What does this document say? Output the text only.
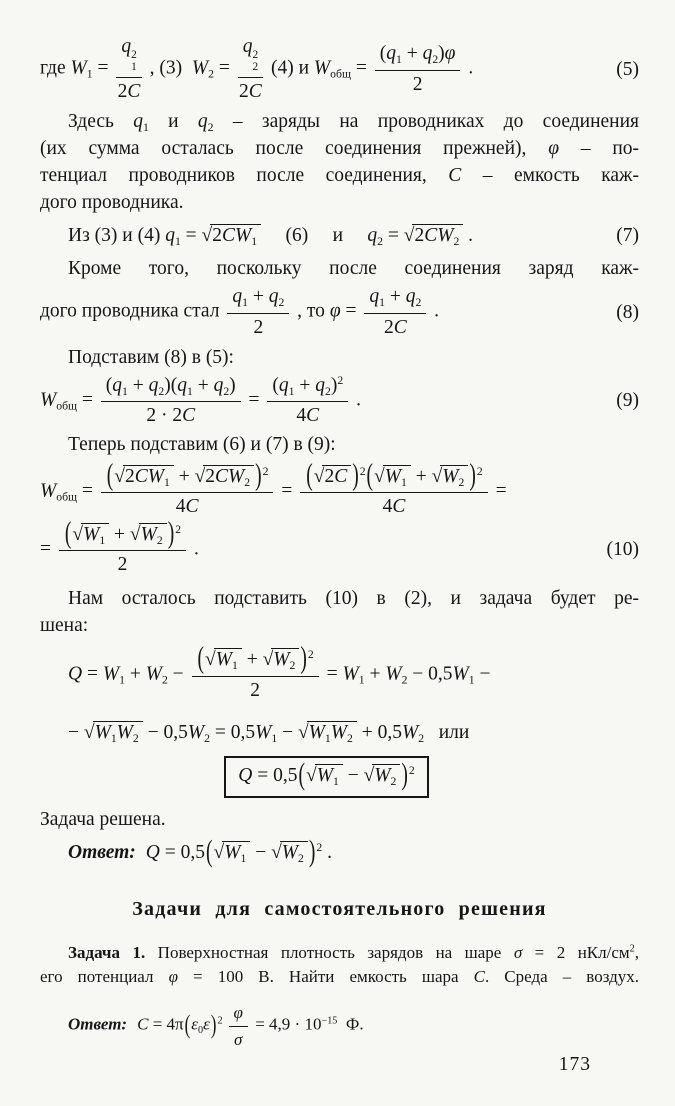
где $W_1 = q$ 2
1
2C , (3)  $W_2 = q$ 2
2
2C (4) и $W_{общ} = \frac{(q_1 + q_2)\varphi}{2}$ .	(5)
Здесь $q_1$ и $q_2$ – заряды на проводниках до соединения
(их сумма осталась после соединения прежней), φ – по-
тенциал проводников после соединения, C – емкость каж-
дого проводника.
Из (3) и (4) $q_1 = √2CW_1$     (6)     и     $q_2 = √2CW_2$ .	(7)
Кроме того, поскольку после соединения заряд каж-
дого проводника стал $\frac{q_1 + q_2}{2}$ , то $\varphi = \frac{q_1 + q_2}{2C}$ .	(8)
Подставим (8) в (5):
$W_{общ} = \frac{(q_1 + q_2)(q_1 + q_2)}{2 \cdot 2C} = \frac{(q_1 + q_2)^2}{4C}$ .	(9)
Теперь подставим (6) и (7) в (9):
$W_{общ} = \frac{(√2CW_1 + √2CW_2 )^2}{4C} = \frac{(√2C )^2(√W_1 + √W_2 )^2}{4C}$ =
= $\frac{(√W_1 + √W_2 )^2}{2}$ .	(10)
Нам осталось подставить (10) в (2), и задача будет ре-
шена:
$Q = W_1 + W_2 - \frac{(√W_1 + √W_2 )^2}{2} = W_1 + W_2 - 0,5W_1$ −
− $√W_1W_2 - 0,5W_2 = 0,5W_1 - √W_1W_2 + 0,5W_2$   или
$Q = 0,5(√W_1 - √W_2$ )$^2$
Задача решена.
Ответ: $Q = 0,5(√W_1 - √W_2$ )$^2$ .
Задачи для самостоятельного решения
Задача 1. Поверхностная плотность зарядов на шаре σ = 2 нКл/$см^2$,
его потенциал φ = 100 В. Найти емкость шара C. Среда – воздух.
Ответ: $C = 4\pi(\varepsilon_0\varepsilon)^2 \frac{\varphi}{\sigma} = 4,9 \cdot 10^{-15}$  Ф.
173
